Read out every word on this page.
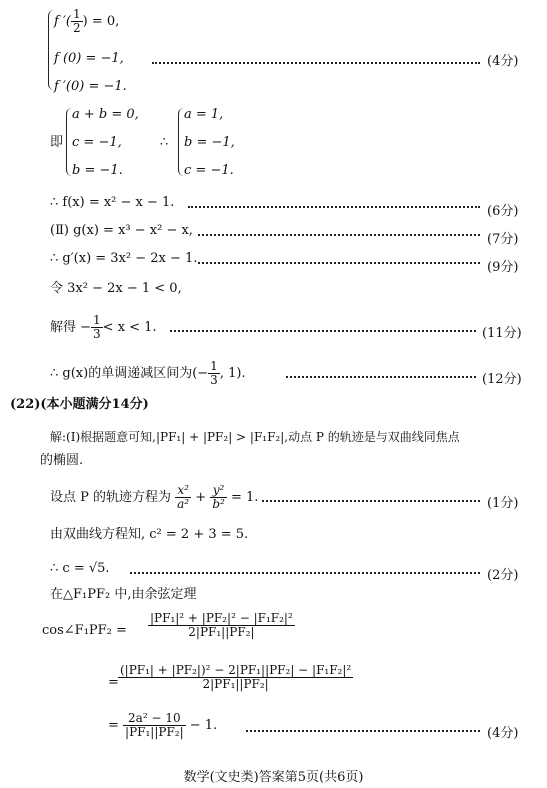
f ′( $\frac{1}{2}$ ) = 0,
f (0) = −1,	(4分)
f ′(0) = −1.
即
a + b = 0,
c = −1,
b = −1.
∴
a = 1,
b = −1,
c = −1.
∴ f(x) = x² − x − 1.
(6分)
(Ⅱ) g(x) = x³ − x² − x,
(7分)
∴ g′(x) = 3x² − 2x − 1.
(9分)
令 3x² − 2x − 1 < 0,
解得 − $\frac{1}{3} < x < 1$.	(11分)
∴ g(x)的单调递减区间为(− $\frac{1}{3}$ , 1).	(12分)
(22)(本小题满分14分)
解:(Ⅰ)根据题意可知,|PF₁| + |PF₂| > |F₁F₂|,动点 P 的轨迹是与双曲线同焦点
的椭圆.
设点 P 的轨迹方程为 $\frac{\text{x²}}{\text{a²}} + \frac{\text{y²}}{\text{b²}} = 1$.	(1分)
由双曲线方程知, c² = 2 + 3 = 5.
∴ c = √5.	(2分)
在△F₁PF₂ 中,由余弦定理
cos∠F₁PF₂ = $\frac{\text{|PF₁|² + |PF₂|² − |F₁F₂|²}}{\text{2|PF₁||PF₂|}}$
= $\frac{\text{(|PF₁| + |PF₂|)² − 2|PF₁||PF₂| − |F₁F₂|²}}{\text{2|PF₁||PF₂|}}$
= $\frac{\text{2a² − 10}}{\text{|PF₁||PF₂|}} - 1$.
(4分)
数学(文史类)答案第5页(共6页)
